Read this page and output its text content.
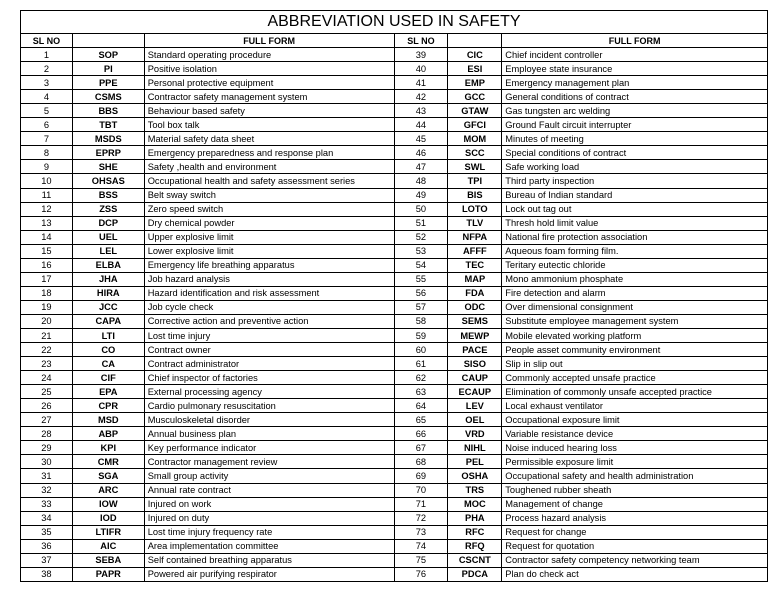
ABBREVIATION USED IN SAFETY					
SL NO		FULL FORM	SL NO		FULL FORM
1	SOP	Standard operating procedure	39	CIC	Chief incident controller
2	PI	Positive isolation	40	ESI	Employee state insurance
3	PPE	Personal protective equipment	41	EMP	Emergency management plan
4	CSMS	Contractor safety management system	42	GCC	General conditions of contract
5	BBS	Behaviour based safety	43	GTAW	Gas tungsten arc welding
6	TBT	Tool box talk	44	GFCI	Ground Fault circuit interrupter
7	MSDS	Material safety data sheet	45	MOM	Minutes of meeting
8	EPRP	Emergency preparedness and response plan	46	SCC	Special conditions of contract
9	SHE	Safety ,health and environment	47	SWL	Safe working load
10	OHSAS	Occupational health and safety assessment series	48	TPI	Third party inspection
11	BSS	Belt sway switch	49	BIS	Bureau of Indian standard
12	ZSS	Zero speed switch	50	LOTO	Lock out tag out
13	DCP	Dry chemical powder	51	TLV	Thresh hold limit value
14	UEL	Upper explosive limit	52	NFPA	National fire protection association
15	LEL	Lower explosive limit	53	AFFF	Aqueous foam forming film.
16	ELBA	Emergency life breathing apparatus	54	TEC	Teritary eutectic chloride
17	JHA	Job hazard analysis	55	MAP	Mono ammonium phosphate
18	HIRA	Hazard identification and risk assessment	56	FDA	Fire detection and alarm
19	JCC	Job cycle check	57	ODC	Over dimensional consignment
20	CAPA	Corrective action and preventive action	58	SEMS	Substitute employee management system
21	LTI	Lost time injury	59	MEWP	Mobile elevated working platform
22	CO	Contract owner	60	PACE	People asset community environment
23	CA	Contract administrator	61	SISO	Slip in slip out
24	CIF	Chief inspector of factories	62	CAUP	Commonly accepted unsafe practice
25	EPA	External processing agency	63	ECAUP	Elimination of commonly unsafe accepted practice
26	CPR	Cardio pulmonary resuscitation	64	LEV	Local exhaust ventilator
27	MSD	Musculoskeletal disorder	65	OEL	Occupational exposure limit
28	ABP	Annual business plan	66	VRD	Variable resistance device
29	KPI	Key performance indicator	67	NIHL	Noise induced hearing loss
30	CMR	Contractor management review	68	PEL	Permissible exposure limit
31	SGA	Small group activity	69	OSHA	Occupational safety and health administration
32	ARC	Annual rate contract	70	TRS	Toughened rubber sheath
33	IOW	Injured on work	71	MOC	Management of change
34	IOD	Injured on duty	72	PHA	Process hazard analysis
35	LTIFR	Lost time injury frequency rate	73	RFC	Request for change
36	AIC	Area implementation committee	74	RFQ	Request for quotation
37	SEBA	Self contained breathing apparatus	75	CSCNT	Contractor safety competency networking team
38	PAPR	Powered air purifying respirator	76	PDCA	Plan do check act
